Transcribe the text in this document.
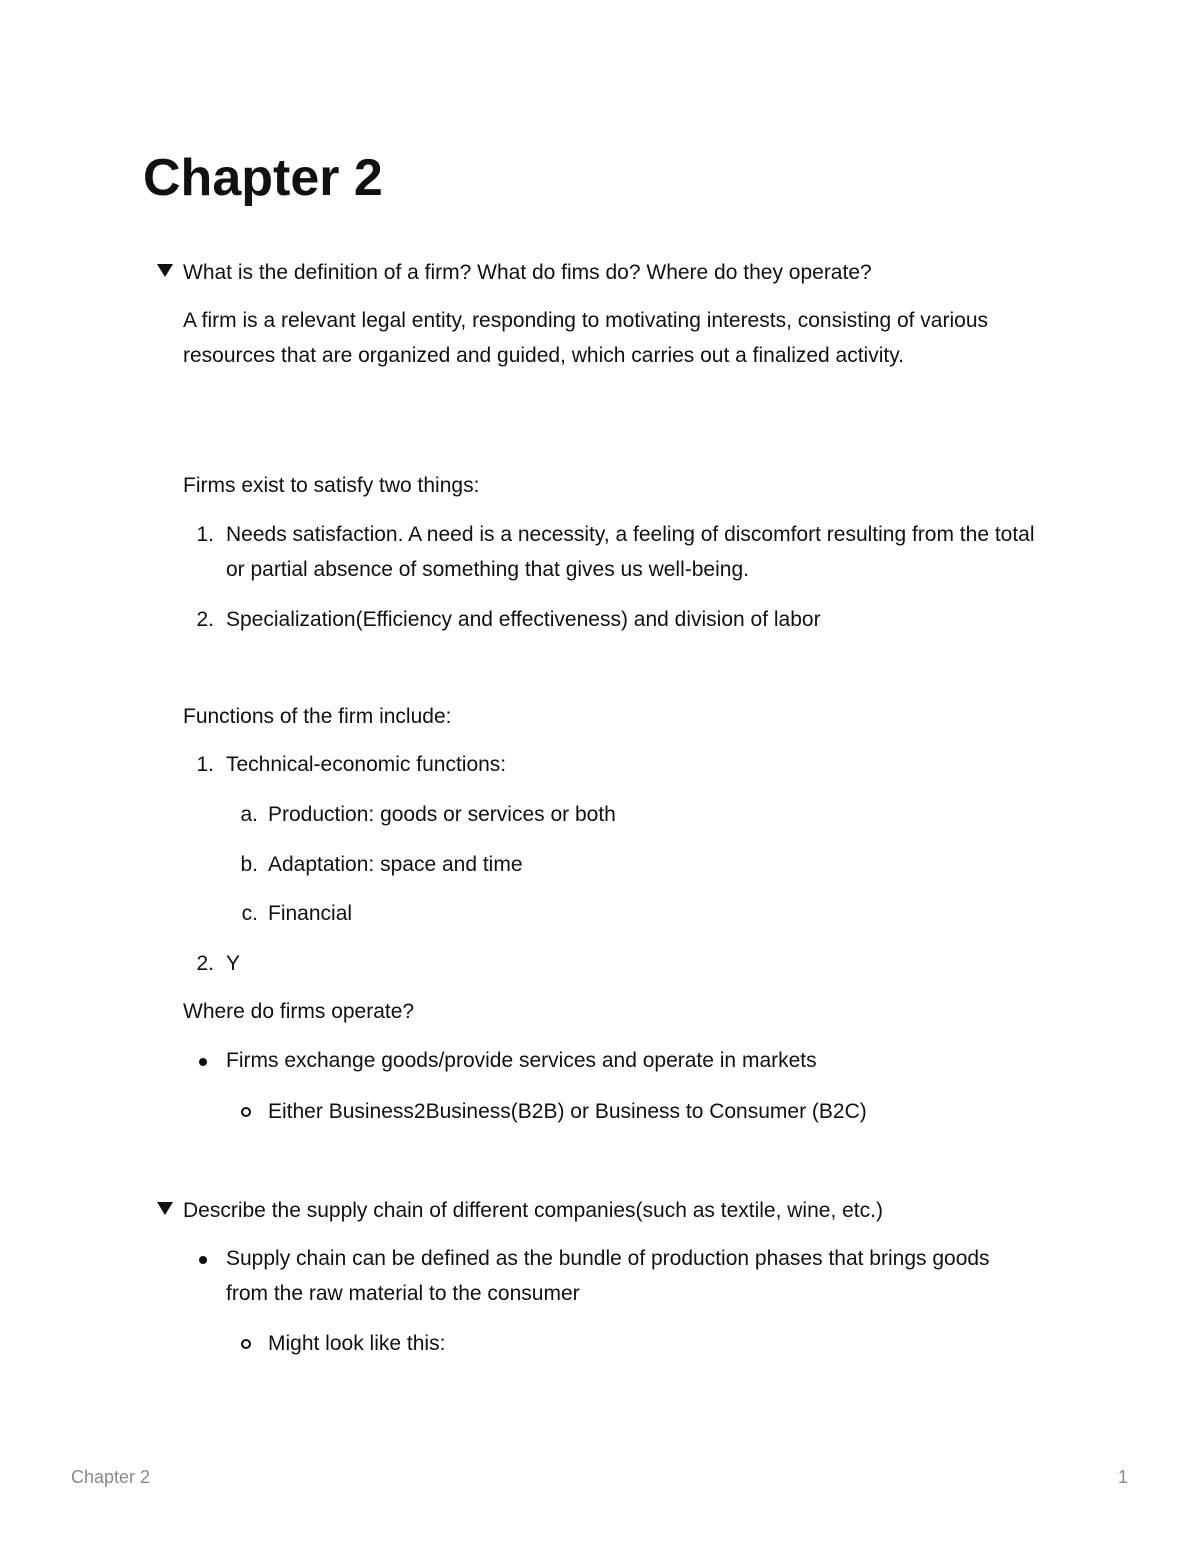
Chapter 2
What is the definition of a firm? What do fims do? Where do they operate?

A firm is a relevant legal entity, responding to motivating interests, consisting of various resources that are organized and guided, which carries out a finalized activity.

Firms exist to satisfy two things:
1. Needs satisfaction. A need is a necessity, a feeling of discomfort resulting from the total or partial absence of something that gives us well-being.

2. Specialization(Efficiency and effectiveness) and division of labor
Functions of the firm include:
1. Technical-economic functions:
a. Production: goods or services or both
b. Adaptation: space and time
c. Financial
2. Y
Where do firms operate?
Firms exchange goods/provide services and operate in markets
Either Business2Business(B2B) or Business to Consumer (B2C)
Describe the supply chain of different companies(such as textile, wine, etc.)

Supply chain can be defined as the bundle of production phases that brings goods from the raw material to the consumer

Might look like this:
Chapter 2	1
